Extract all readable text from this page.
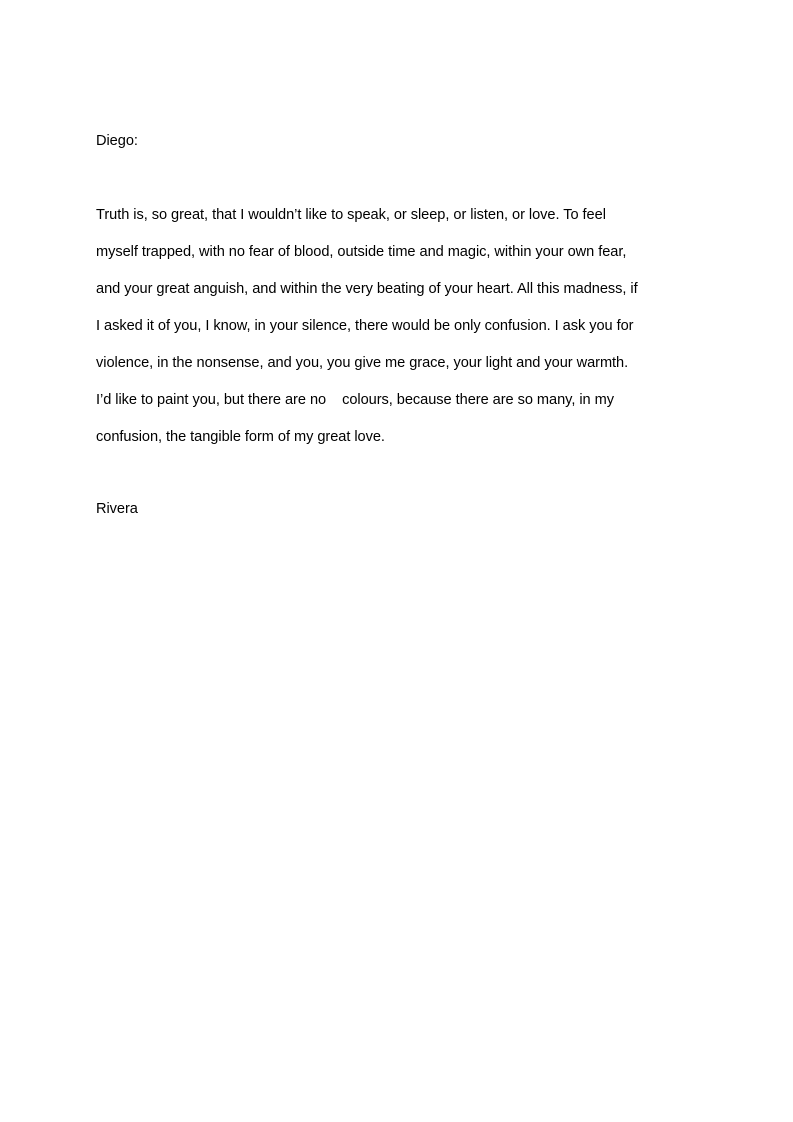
Diego:

Truth is, so great, that I wouldn’t like to speak, or sleep, or listen, or love. To feel

myself trapped, with no fear of blood, outside time and magic, within your own fear,

and your great anguish, and within the very beating of your heart. All this madness, if

I asked it of you, I know, in your silence, there would be only confusion. I ask you for

violence, in the nonsense, and you, you give me grace, your light and your warmth.

I’d like to paint you, but there are no    colours, because there are so many, in my

confusion, the tangible form of my great love.

Rivera
